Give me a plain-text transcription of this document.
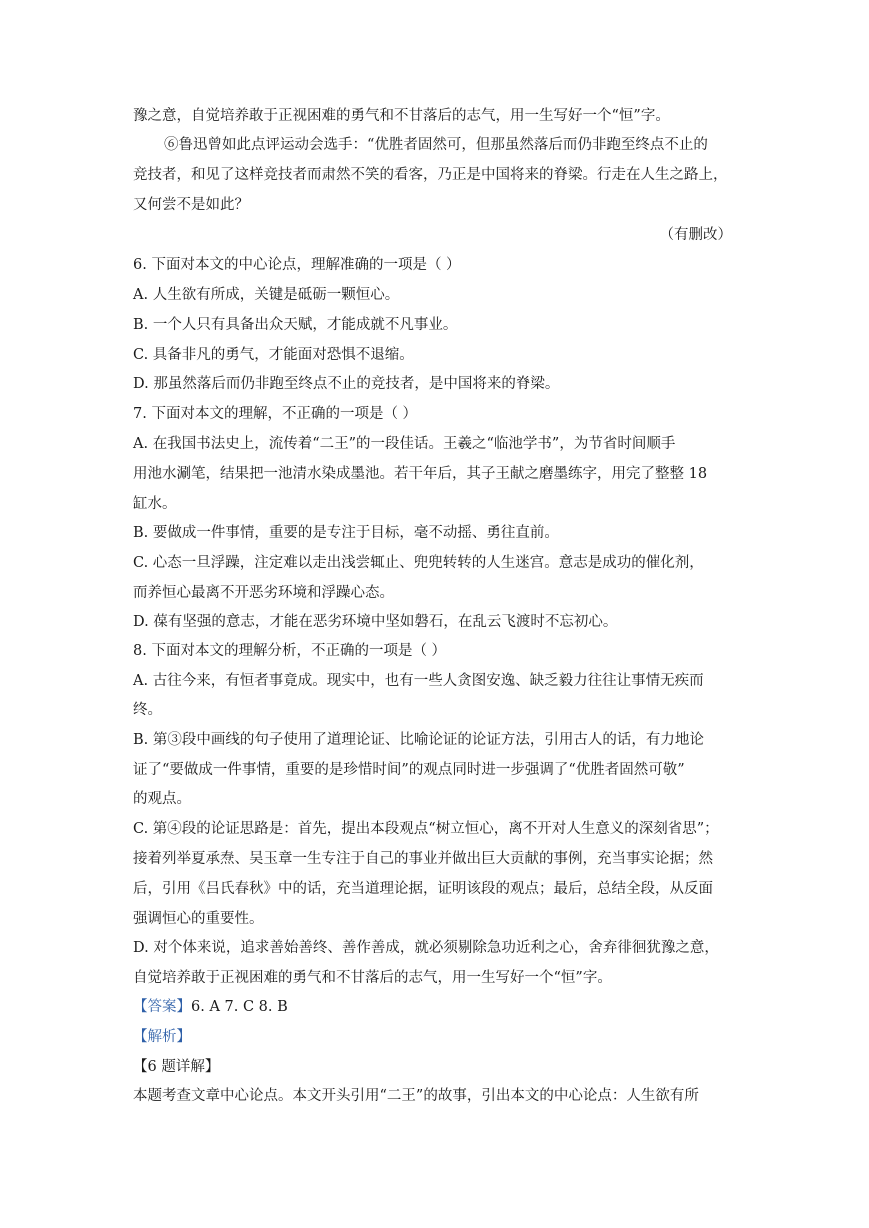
豫之意，自觉培养敢于正视困难的勇气和不甘落后的志气，用一生写好一个“恒”字。
⑥鲁迅曾如此点评运动会选手：“优胜者固然可，但那虽然落后而仍非跑至终点不止的
竞技者，和见了这样竞技者而肃然不笑的看客，乃正是中国将来的脊梁。行走在人生之路上，
又何尝不是如此？
（有删改）
6. 下面对本文的中心论点，理解准确的一项是（ ）
A. 人生欲有所成，关键是砥砺一颗恒心。
B. 一个人只有具备出众天赋，才能成就不凡事业。
C. 具备非凡的勇气，才能面对恐惧不退缩。
D. 那虽然落后而仍非跑至终点不止的竞技者，是中国将来的脊梁。
7. 下面对本文的理解，不正确的一项是（ ）
A. 在我国书法史上，流传着“二王”的一段佳话。王羲之“临池学书”，为节省时间顺手
用池水涮笔，结果把一池清水染成墨池。若干年后，其子王献之磨墨练字，用完了整整 18
缸水。
B. 要做成一件事情，重要的是专注于目标，毫不动摇、勇往直前。
C. 心态一旦浮躁，注定难以走出浅尝辄止、兜兜转转的人生迷宫。意志是成功的催化剂，
而养恒心最离不开恶劣环境和浮躁心态。
D. 葆有坚强的意志，才能在恶劣环境中坚如磐石，在乱云飞渡时不忘初心。
8. 下面对本文的理解分析，不正确的一项是（ ）
A. 古往今来，有恒者事竟成。现实中，也有一些人贪图安逸、缺乏毅力往往让事情无疾而
终。
B. 第③段中画线的句子使用了道理论证、比喻论证的论证方法，引用古人的话，有力地论
证了“要做成一件事情，重要的是珍惜时间”的观点同时进一步强调了“优胜者固然可敬”
的观点。
C. 第④段的论证思路是：首先，提出本段观点“树立恒心，离不开对人生意义的深刻省思”；
接着列举夏承焘、吴玉章一生专注于自己的事业并做出巨大贡献的事例，充当事实论据；然
后，引用《吕氏春秋》中的话，充当道理论据，证明该段的观点；最后，总结全段，从反面
强调恒心的重要性。
D. 对个体来说，追求善始善终、善作善成，就必须剔除急功近利之心，舍弃徘徊犹豫之意，
自觉培养敢于正视困难的勇气和不甘落后的志气，用一生写好一个“恒”字。
【答案】6. A 7. C 8. B
【解析】
【6 题详解】
本题考查文章中心论点。本文开头引用“二王”的故事，引出本文的中心论点：人生欲有所
